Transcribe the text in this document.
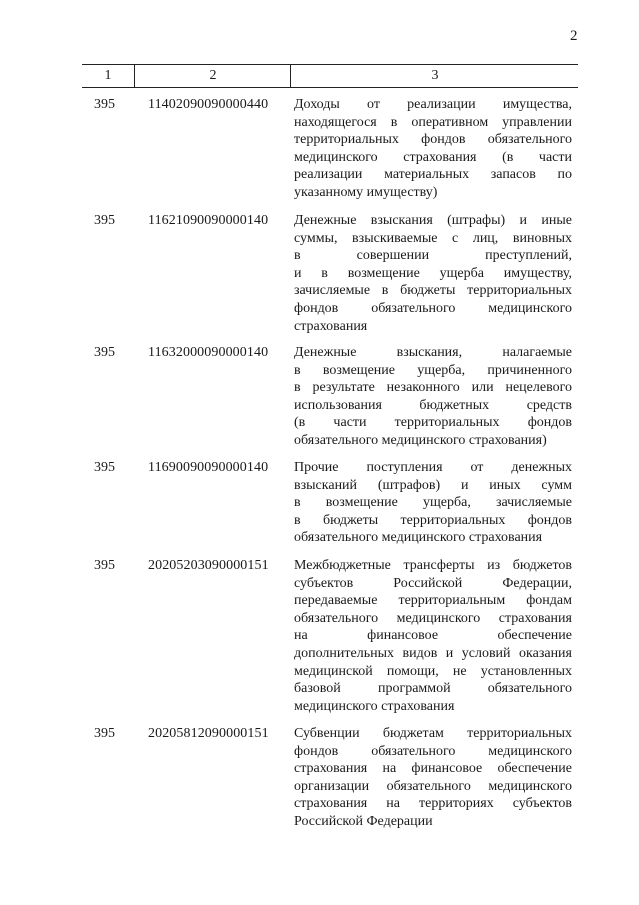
2
1	2	3
395 11402090090000440 Доходы от реализации имущества,
находящегося в оперативном управлении
территориальных фондов обязательного
медицинского страхования (в части
реализации материальных запасов по
указанному имуществу)
395 11621090090000140 Денежные взыскания (штрафы) и иные
суммы, взыскиваемые с лиц, виновных
в совершении преступлений,
и в возмещение ущерба имуществу,
зачисляемые в бюджеты территориальных
фондов обязательного медицинского
страхования
395 11632000090000140 Денежные взыскания, налагаемые
в возмещение ущерба, причиненного
в результате незаконного или нецелевого
использования бюджетных средств
(в части территориальных фондов
обязательного медицинского страхования)
395 11690090090000140 Прочие поступления от денежных
взысканий (штрафов) и иных сумм
в возмещение ущерба, зачисляемые
в бюджеты территориальных фондов
обязательного медицинского страхования
395 20205203090000151 Межбюджетные трансферты из бюджетов
субъектов Российской Федерации,
передаваемые территориальным фондам
обязательного медицинского страхования
на финансовое обеспечение
дополнительных видов и условий оказания
медицинской помощи, не установленных
базовой программой обязательного
медицинского страхования
395 20205812090000151 Субвенции бюджетам территориальных
фондов обязательного медицинского
страхования на финансовое обеспечение
организации обязательного медицинского
страхования на территориях субъектов
Российской Федерации
